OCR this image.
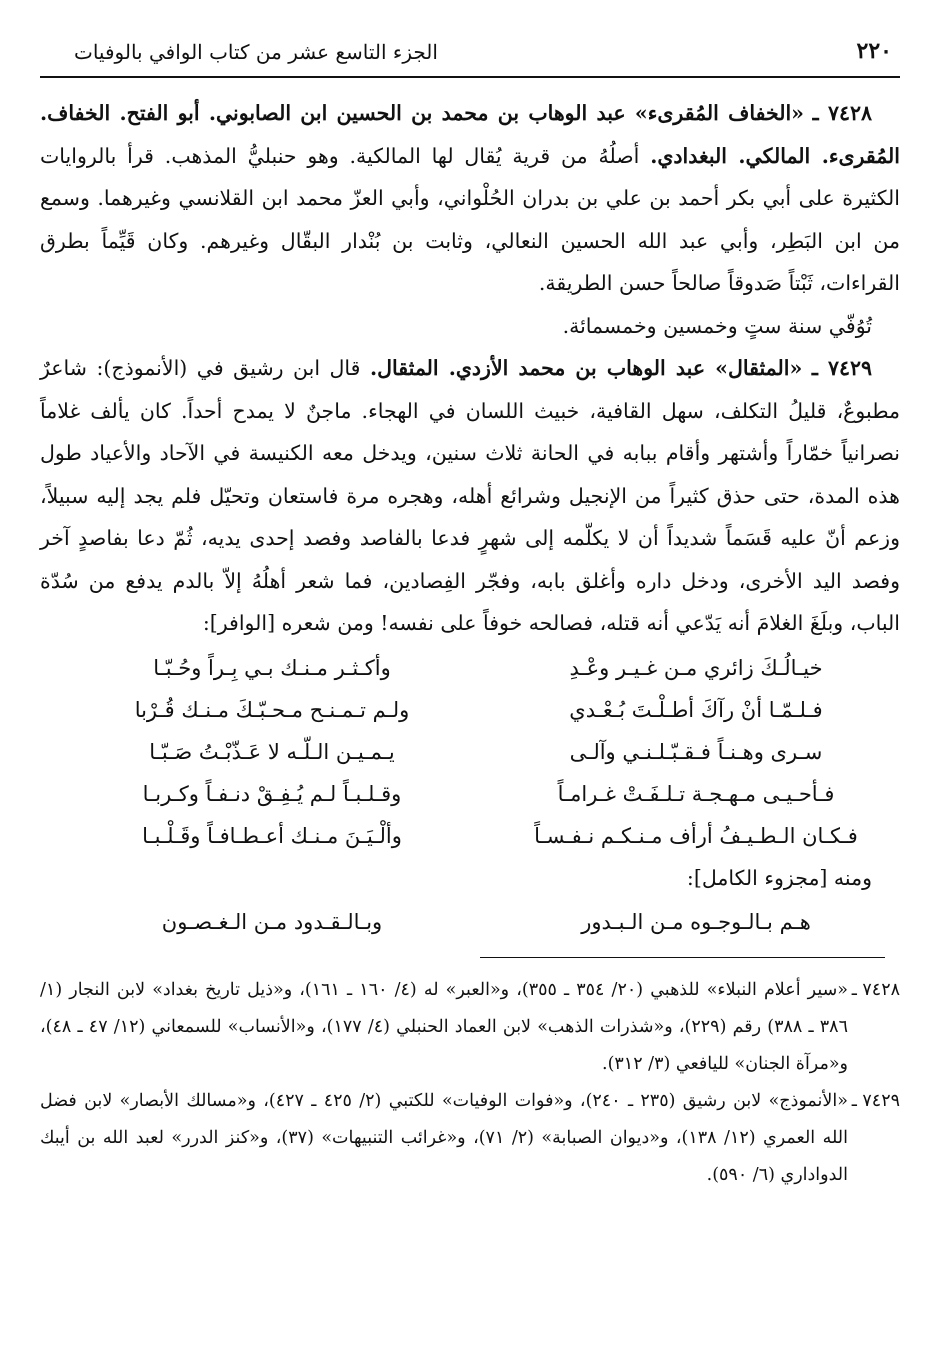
٢٢٠
الجزء التاسع عشر من كتاب الوافي بالوفيات

٧٤٢٨ ـ «الخفاف المُقرىء» عبد الوهاب بن محمد بن الحسين ابن الصابوني. أبو الفتح. الخفاف. المُقرىء. المالكي. البغدادي. أصلُهُ من قرية يُقال لها المالكية. وهو حنبليُّ المذهب. قرأ بالروايات الكثيرة على أبي بكر أحمد بن علي بن بدران الحُلْواني، وأبي العزّ محمد ابن القلانسي وغيرهما. وسمع من ابن البَطِر، وأبي عبد الله الحسين النعالي، وثابت بن بُنْدار البقّال وغيرهم. وكان قَيِّماً بطرق القراءات، ثَبْتاً صَدوقاً صالحاً حسن الطريقة.

تُوُفّي سنة ستٍ وخمسين وخمسمائة.

٧٤٢٩ ـ «المثقال» عبد الوهاب بن محمد الأزدي. المثقال. قال ابن رشيق في (الأنموذج): شاعرٌ مطبوعٌ، قليلُ التكلف، سهل القافية، خبيث اللسان في الهجاء. ماجنٌ لا يمدح أحداً. كان يألف غلاماً نصرانياً خمّاراً وأشتهر وأقام ببابه في الحانة ثلاث سنين، ويدخل معه الكنيسة في الآحاد والأعياد طول هذه المدة، حتى حذق كثيراً من الإنجيل وشرائع أهله، وهجره مرة فاستعان وتحيّل فلم يجد إليه سبيلاً، وزعم أنّ عليه قَسَماً شديداً أن لا يكلّمه إلى شهرٍ فدعا بالفاصد وفصد إحدى يديه، ثُمّ دعا بفاصدٍ آخر وفصد اليد الأخرى، ودخل داره وأغلق بابه، وفجّر الفِصادين، فما شعر أهلُهُ إلاّ بالدم يدفع من سُدّة الباب، وبلَغَ الغلامَ أنه يَدّعي أنه قتله، فصالحه خوفاً على نفسه! ومن شعره [الوافر]:

خيـالُـكَ زائري مـن غـيـر وعْـدِ
وأكـثـر مـنـك بـي بِـراً وحُـبّـا
فـلـمّـا أنْ رآكَ أطـلْـتَ بُـعْـدي
ولـم تـمـنـح مـحـبّـكَ مـنـك قُـرْبا
سـرى وهـنـاً فـقـبّـلـنـي وآلـى
يـمـيـن الـلّـه لا عَـذّبْـتُ صَـبّـا
فـأحـيـى مـهـجـة تـلـفَـتْ غـرامـاً
وقـلـبـاً لـم يُـفِـقْ دنـفـاً وكـربـا
فـكـان الـطـيـفُ أرأف مـنـكـم نـفـسـاً
وألْـيَـنَ مـنـك أعـطـافـاً وقَـلْـبـا

ومنه [مجزوء الكامل]:

هـم بـالـوجـوه مـن الـبـدور
وبـالـقـدود مـن الـغـصـون
٧٤٢٨ ـ
«سير أعلام النبلاء» للذهبي (٢٠/ ٣٥٤ ـ ٣٥٥)، و«العبر» له (٤/ ١٦٠ ـ ١٦١)، و«ذيل تاريخ بغداد» لابن النجار (١/ ٣٨٦ ـ ٣٨٨) رقم (٢٢٩)، و«شذرات الذهب» لابن العماد الحنبلي (٤/ ١٧٧)، و«الأنساب» للسمعاني (١٢/ ٤٧ ـ ٤٨)، و«مرآة الجنان» لليافعي (٣/ ٣١٢).
٧٤٢٩ ـ
«الأنموذج» لابن رشيق (٢٣٥ ـ ٢٤٠)، و«فوات الوفيات» للكتبي (٢/ ٤٢٥ ـ ٤٢٧)، و«مسالك الأبصار» لابن فضل الله العمري (١٢/ ١٣٨)، و«ديوان الصبابة» (٢/ ٧١)، و«غرائب التنبيهات» (٣٧)، و«كنز الدرر» لعبد الله بن أيبك الدواداري (٦/ ٥٩٠).
